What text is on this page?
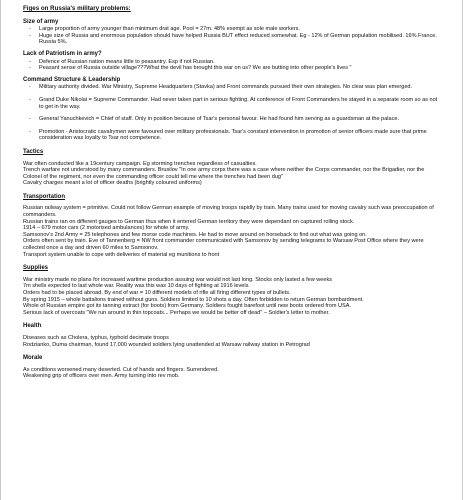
Figes on Russia's military problems:
Size of army
- Large proportion of army younger than minimum drat age. Pool = 27m. 48% exempt as sole male workers.
- Huge size of Russia and enormous population should have helped Russia BUT effect reduced somewhat. Eg - 12% of German population mobilised. 16% France. Russia 5%.
Lack of Patriotism in army?
- Defence of Russian nation means little to peasantry. Esp if not Russian.
- Peasant sense of Russia outside village???What the devil has brought this war on us? We are butting into other people's lives "
Command Structure & Leadership
- Military authority divided. War Ministry, Supreme Headquarters (Stavka) and Front commands pursued their own strategies. No clear was plan emerged.
- Grand Duke Nikolai = Supreme Commander. Had never taken part in serious fighting. At conference of Front Commanders he stayed in a separate room so as not to get in the way.
- General Yanuchkevich = Chief of staff. Only in position because of Tsar's personal favour. He had found him serving as a guardsman at the palace.
- Promotion - Aristocratic cavalrymen were favoured over military professionals. Tsar's constant intervention in promotion of senior officers made sure that prime consideration was loyalty to Tsar not competence.
Tactics
War often conducted like a 19century campaign. Eg storming trenches regardless of casualties.
Trench warfare not understood by many commanders. Brusilov "In one army corps there was a case where neither the Corps commander, nor the Brigadier, nor the Colonel of the regiment, nor even the commanding officer could tell me where the trenches had been dug"
Cavalry charges meant a lot of officer deaths (brightly coloured uniforms)
Transportation
Russian railway system = primitive. Could not follow German example of moving troops rapidly by train. Many trains used for moving cavalry such was preoccupation of commanders.
Russian trains ran on different gauges to German thus when it entered German territory they were dependant on captured rolling stock.
1914 – 679 motor cars (2 motorised ambulances) for whole of army.
Samsonov's 2nd Army = 25 telephones and few morse code machines. He had to move around on horseback to find out what was going on.
Orders often sent by train. Eve of Tannenberg = NW front commander communicated with Samsonov by sending telegrams to Warsaw Post Office where they were collected once a day and driven 60 miles to Samsonov.
Transport system unable to cope with deliveries of material eg munitions to front
Supplies
War ministry made no plans for increased wartime production assuing war would not last long. Stocks only lasted a few weeks
7m shells expected to last whole war. Reality was this was 10 days of fighting at 1916 levels.
Orders had to be placed abroad. By end of war = 10 different models of rifle all firing different types of bullets.
By spring 1915 – whole battalions trained without guns. Soldiers limited to 10 shots a day. Often forbidden to return German bombardment.
Whole of Russian empire got its tanning extract (for boots) from Germany. Soldiers fought barefoot until new boots ordered from USA.
Serious lack of overcoats "We run around in thin topcoats... Perhaps we would be better off dead" – Soldier's letter to mother.
Health
Diseases such as Cholera, typhus, typhoid decimate troops
Rodzianko, Duma chairman, found 17,000 wounded soldiers lying unattended at Warsaw railway station in Petrograd
Morale
As conditions worsened many deserted. Cut of hands and fingers. Surrendered.
Weakening grip of officers over men. Army turning into rev mob.
